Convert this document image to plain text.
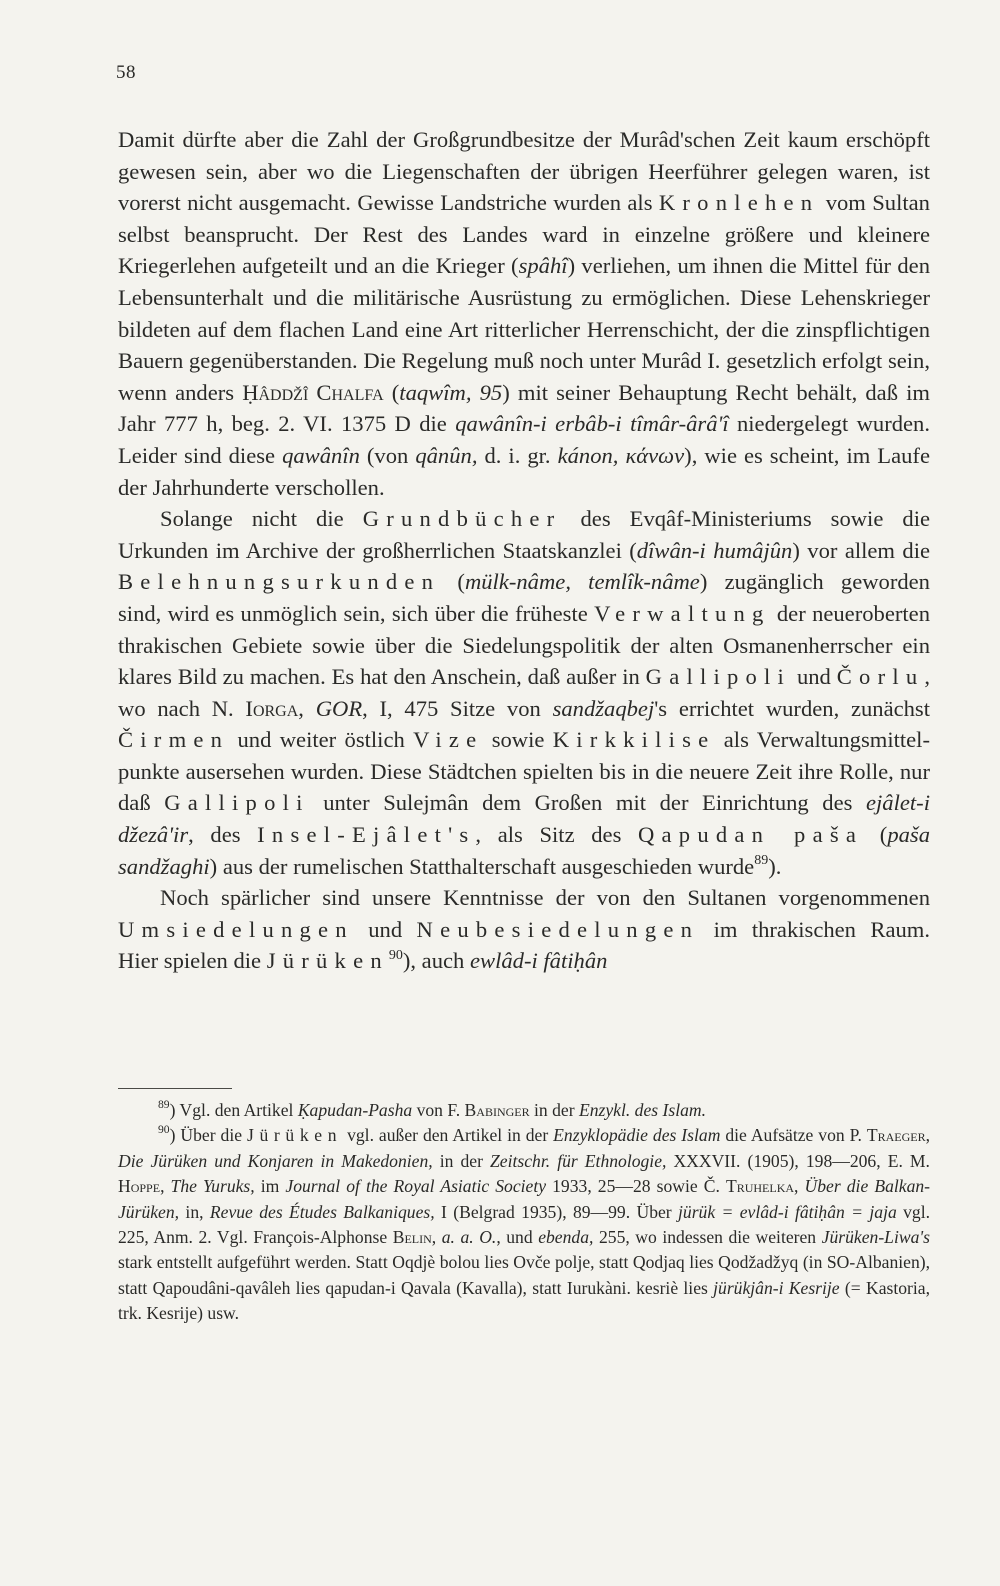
58

Damit dürfte aber die Zahl der Großgrundbesitze der Murâd'schen Zeit kaum erschöpft gewesen sein, aber wo die Liegenschaften der übrigen Heerführer gelegen waren, ist vorerst nicht ausgemacht. Gewisse Landstriche wurden als Kronlehen vom Sultan selbst beansprucht. Der Rest des Landes ward in einzelne größere und kleinere Kriegerlehen aufgeteilt und an die Krieger (spâhî) verliehen, um ihnen die Mittel für den Lebensunterhalt und die militärische Ausrüstung zu ermöglichen. Diese Lehenskrieger bildeten auf dem flachen Land eine Art ritterlicher Herrenschicht, der die zinspflichtigen Bauern gegenüberstanden. Die Regelung muß noch unter Murâd I. gesetzlich erfolgt sein, wenn anders Ḥâddžî Chalfa (taqwîm, 95) mit seiner Behauptung Recht behält, daß im Jahr 777 h, beg. 2. VI. 1375 D die qawânîn-i erbâb-i tîmâr-ârâ'î niedergelegt wurden. Leider sind diese qawânîn (von qânûn, d. i. gr. kánon, κάνων), wie es scheint, im Laufe der Jahrhunderte verschollen.

Solange nicht die Grundbücher des Evqâf-Ministeriums sowie die Urkunden im Archive der großherrlichen Staatskanzlei (dîwân-i humâjûn) vor allem die Belehnungsurkunden (mülk-nâme, temlîk-nâme) zugänglich geworden sind, wird es unmöglich sein, sich über die früheste Verwaltung der neueroberten thrakischen Gebiete sowie über die Siedelungspolitik der alten Osmanenherrscher ein klares Bild zu machen. Es hat den Anschein, daß außer in Gallipoli und Čorlu, wo nach N. Iorga, GOR, I, 475 Sitze von sandžaqbej's errichtet wurden, zunächst Čirmen und weiter östlich Vize sowie Kirkkilise als Verwaltungsmittelpunkte ausersehen wurden. Diese Städtchen spielten bis in die neuere Zeit ihre Rolle, nur daß Gallipoli unter Sulejmân dem Großen mit der Einrichtung des ejâlet-i džezâ'ir, des Insel-Ejâlet's, als Sitz des Qapudan paša (paša sandžaghi) aus der rumelischen Statthalterschaft ausgeschieden wurde$^{89}$).

Noch spärlicher sind unsere Kenntnisse der von den Sultanen vorgenommenen Umsiedelungen und Neubesiedelungen im thrakischen Raum. Hier spielen die Jürüken$^{90}$), auch ewlâd-i fâtiḥân

$^{89}$) Vgl. den Artikel Ḳapudan-Pasha von F. Babinger in der Enzykl. des Islam.

$^{90}$) Über die Jürüken vgl. außer den Artikel in der Enzyklopädie des Islam die Aufsätze von P. Traeger, Die Jürüken und Konjaren in Makedonien, in der Zeitschr. für Ethnologie, XXXVII. (1905), 198—206, E. M. Hoppe, The Yuruks, im Journal of the Royal Asiatic Society 1933, 25—28 sowie Č. Truhelka, Über die Balkan-Jürüken, in, Revue des Études Balkaniques, I (Belgrad 1935), 89—99. Über jürük = evlâd-i fâtiḥân = jaja vgl. 225, Anm. 2. Vgl. François-Alphonse Belin, a. a. O., und ebenda, 255, wo indessen die weiteren Jürüken-Liwa's stark entstellt aufgeführt werden. Statt Oqdjè bolou lies Ovče polje, statt Qodjaq lies Qodžadžyq (in SO-Albanien), statt Qapoudâni-qavâleh lies qapudan-i Qavala (Kavalla), statt Iurukàni. kesriè lies jürükjân-i Kesrije (= Kastoria, trk. Kesrije) usw.
